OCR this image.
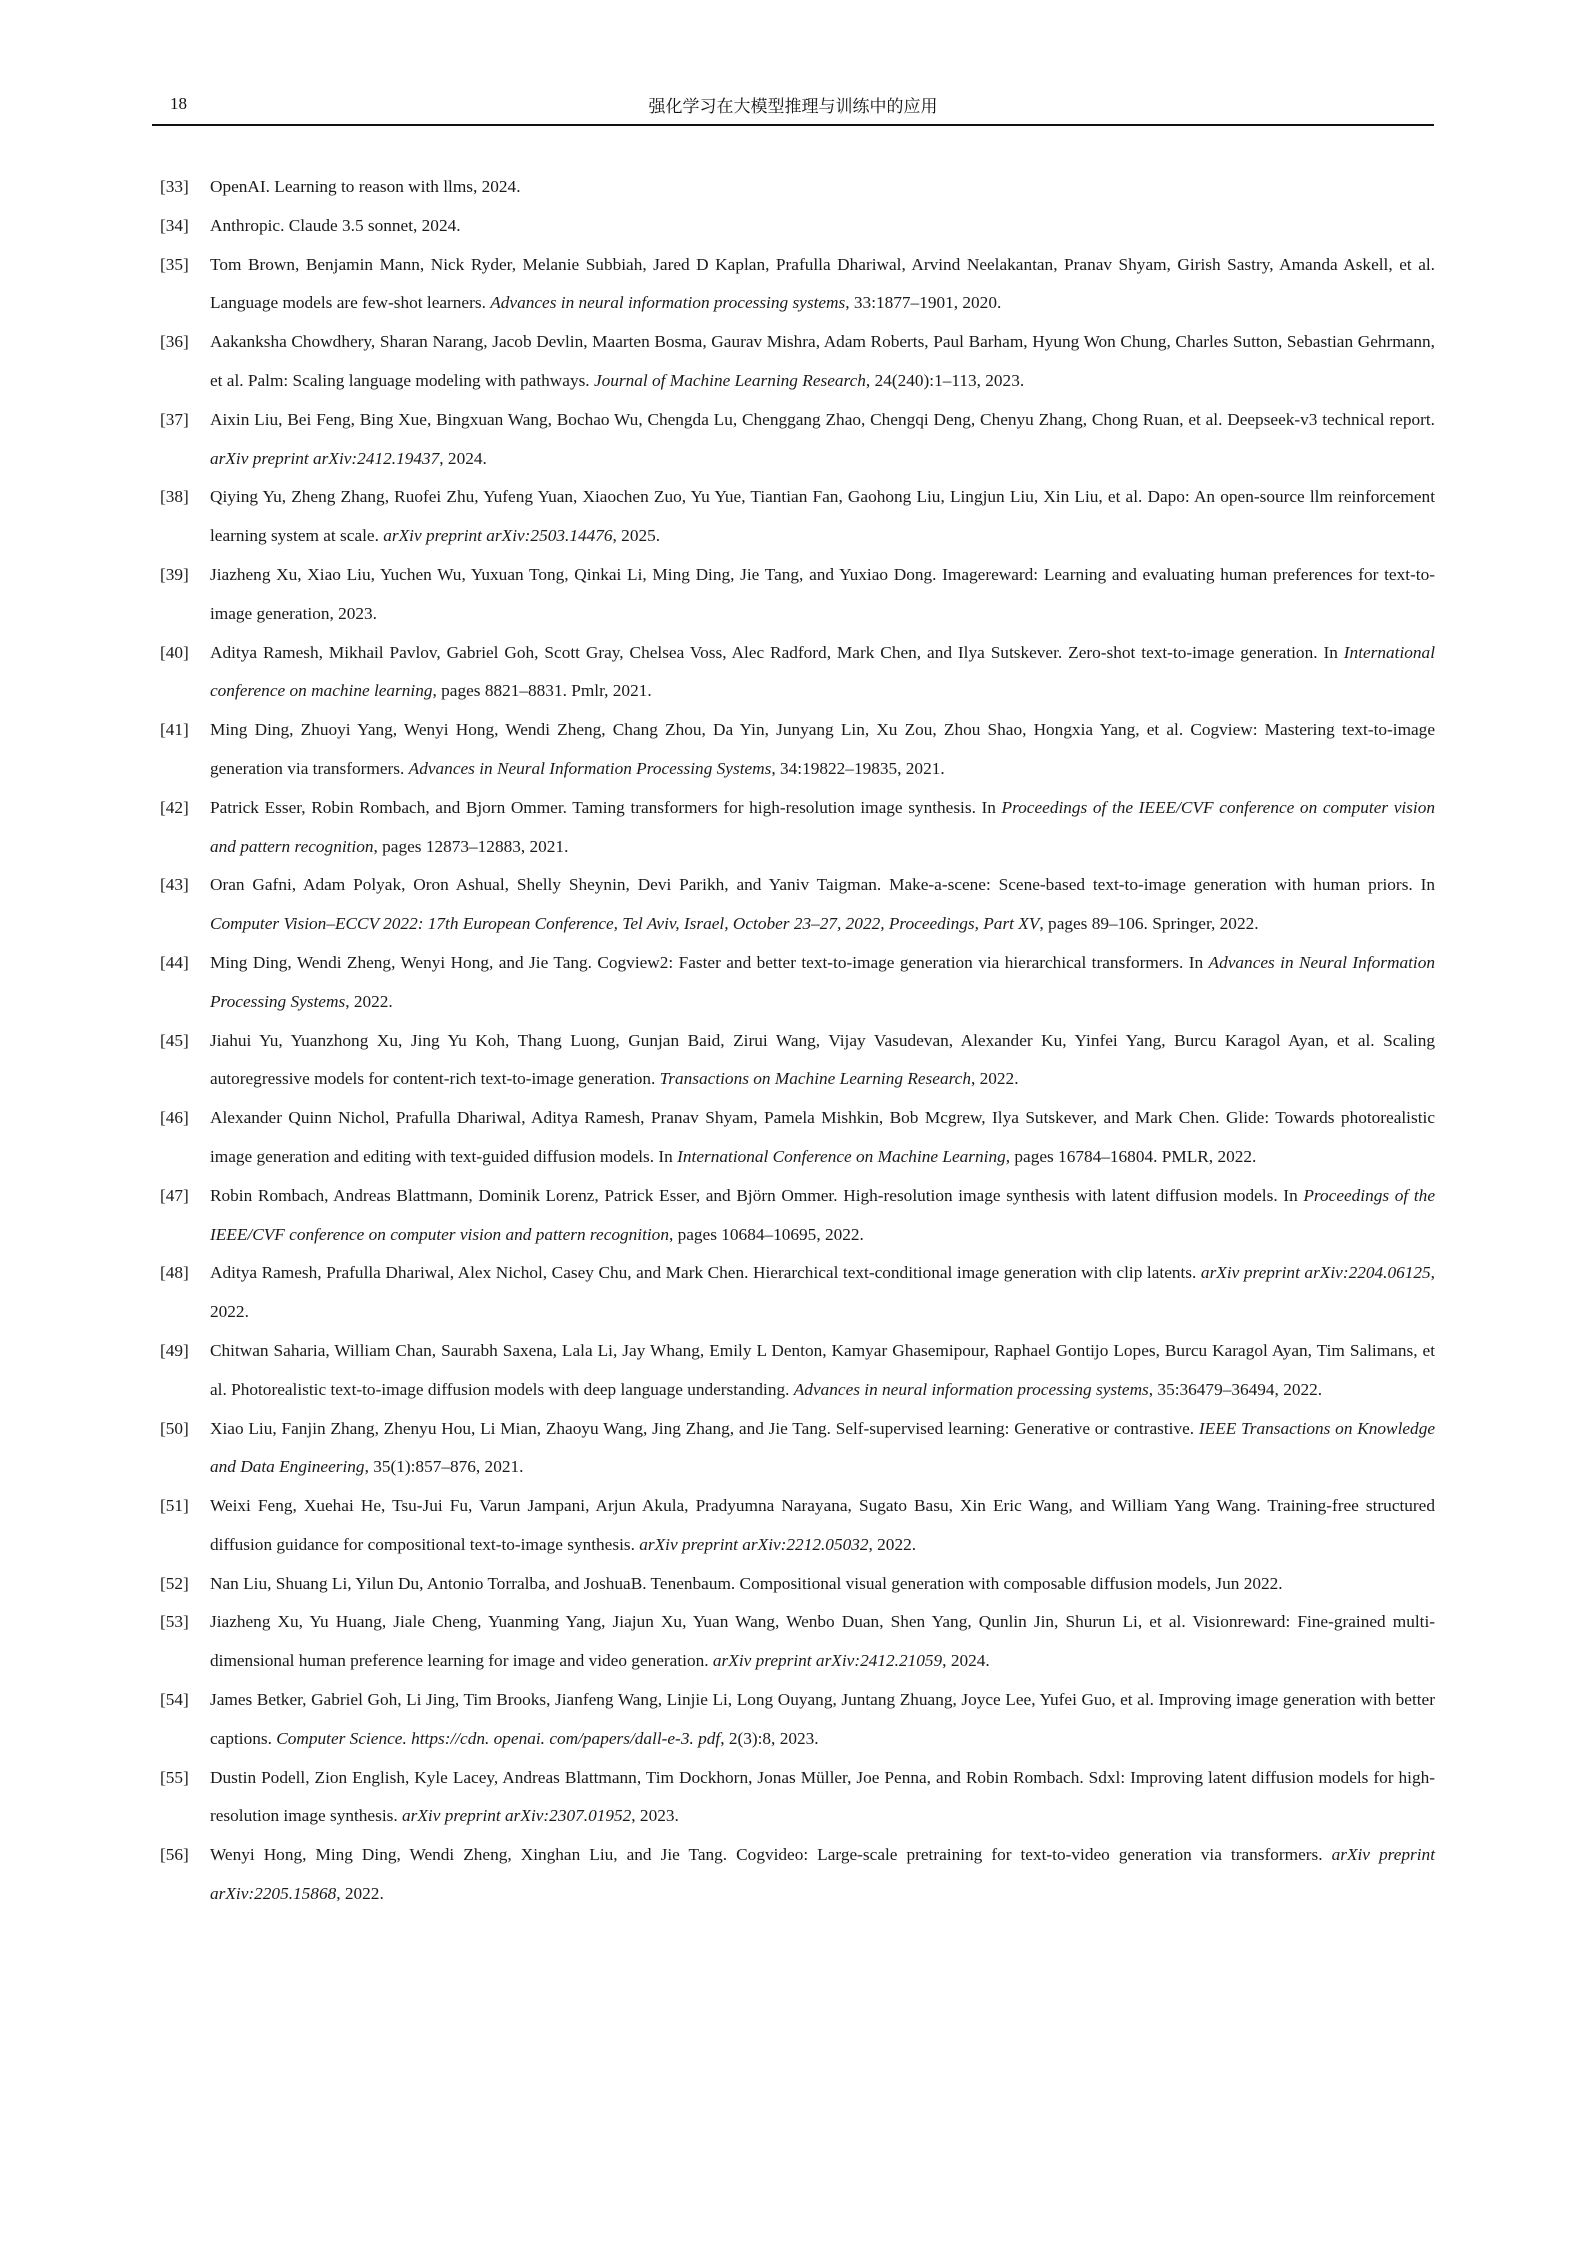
18	强化学习在大模型推理与训练中的应用
[33] OpenAI. Learning to reason with llms, 2024.
[34] Anthropic. Claude 3.5 sonnet, 2024.
[35] Tom Brown, Benjamin Mann, Nick Ryder, Melanie Subbiah, Jared D Kaplan, Prafulla Dhariwal, Arvind Neelakantan, Pranav Shyam, Girish Sastry, Amanda Askell, et al. Language models are few-shot learners. Advances in neural information processing systems, 33:1877–1901, 2020.
[36] Aakanksha Chowdhery, Sharan Narang, Jacob Devlin, Maarten Bosma, Gaurav Mishra, Adam Roberts, Paul Barham, Hyung Won Chung, Charles Sutton, Sebastian Gehrmann, et al. Palm: Scaling language modeling with pathways. Journal of Machine Learning Research, 24(240):1–113, 2023.
[37] Aixin Liu, Bei Feng, Bing Xue, Bingxuan Wang, Bochao Wu, Chengda Lu, Chenggang Zhao, Chengqi Deng, Chenyu Zhang, Chong Ruan, et al. Deepseek-v3 technical report. arXiv preprint arXiv:2412.19437, 2024.
[38] Qiying Yu, Zheng Zhang, Ruofei Zhu, Yufeng Yuan, Xiaochen Zuo, Yu Yue, Tiantian Fan, Gaohong Liu, Lingjun Liu, Xin Liu, et al. Dapo: An open-source llm reinforcement learning system at scale. arXiv preprint arXiv:2503.14476, 2025.
[39] Jiazheng Xu, Xiao Liu, Yuchen Wu, Yuxuan Tong, Qinkai Li, Ming Ding, Jie Tang, and Yuxiao Dong. Imagereward: Learning and evaluating human preferences for text-to-image generation, 2023.
[40] Aditya Ramesh, Mikhail Pavlov, Gabriel Goh, Scott Gray, Chelsea Voss, Alec Radford, Mark Chen, and Ilya Sutskever. Zero-shot text-to-image generation. In International conference on machine learning, pages 8821–8831. Pmlr, 2021.
[41] Ming Ding, Zhuoyi Yang, Wenyi Hong, Wendi Zheng, Chang Zhou, Da Yin, Junyang Lin, Xu Zou, Zhou Shao, Hongxia Yang, et al. Cogview: Mastering text-to-image generation via transformers. Advances in Neural Information Processing Systems, 34:19822–19835, 2021.
[42] Patrick Esser, Robin Rombach, and Bjorn Ommer. Taming transformers for high-resolution image synthesis. In Proceedings of the IEEE/CVF conference on computer vision and pattern recognition, pages 12873–12883, 2021.
[43] Oran Gafni, Adam Polyak, Oron Ashual, Shelly Sheynin, Devi Parikh, and Yaniv Taigman. Make-a-scene: Scene-based text-to-image generation with human priors. In Computer Vision–ECCV 2022: 17th European Conference, Tel Aviv, Israel, October 23–27, 2022, Proceedings, Part XV, pages 89–106. Springer, 2022.
[44] Ming Ding, Wendi Zheng, Wenyi Hong, and Jie Tang. Cogview2: Faster and better text-to-image generation via hierarchical transformers. In Advances in Neural Information Processing Systems, 2022.
[45] Jiahui Yu, Yuanzhong Xu, Jing Yu Koh, Thang Luong, Gunjan Baid, Zirui Wang, Vijay Vasudevan, Alexander Ku, Yinfei Yang, Burcu Karagol Ayan, et al. Scaling autoregressive models for content-rich text-to-image generation. Transactions on Machine Learning Research, 2022.
[46] Alexander Quinn Nichol, Prafulla Dhariwal, Aditya Ramesh, Pranav Shyam, Pamela Mishkin, Bob Mcgrew, Ilya Sutskever, and Mark Chen. Glide: Towards photorealistic image generation and editing with text-guided diffusion models. In International Conference on Machine Learning, pages 16784–16804. PMLR, 2022.
[47] Robin Rombach, Andreas Blattmann, Dominik Lorenz, Patrick Esser, and Björn Ommer. High-resolution image synthesis with latent diffusion models. In Proceedings of the IEEE/CVF conference on computer vision and pattern recognition, pages 10684–10695, 2022.
[48] Aditya Ramesh, Prafulla Dhariwal, Alex Nichol, Casey Chu, and Mark Chen. Hierarchical text-conditional image generation with clip latents. arXiv preprint arXiv:2204.06125, 2022.
[49] Chitwan Saharia, William Chan, Saurabh Saxena, Lala Li, Jay Whang, Emily L Denton, Kamyar Ghasemipour, Raphael Gontijo Lopes, Burcu Karagol Ayan, Tim Salimans, et al. Photorealistic text-to-image diffusion models with deep language understanding. Advances in neural information processing systems, 35:36479–36494, 2022.
[50] Xiao Liu, Fanjin Zhang, Zhenyu Hou, Li Mian, Zhaoyu Wang, Jing Zhang, and Jie Tang. Self-supervised learning: Generative or contrastive. IEEE Transactions on Knowledge and Data Engineering, 35(1):857–876, 2021.
[51] Weixi Feng, Xuehai He, Tsu-Jui Fu, Varun Jampani, Arjun Akula, Pradyumna Narayana, Sugato Basu, Xin Eric Wang, and William Yang Wang. Training-free structured diffusion guidance for compositional text-to-image synthesis. arXiv preprint arXiv:2212.05032, 2022.
[52] Nan Liu, Shuang Li, Yilun Du, Antonio Torralba, and JoshuaB. Tenenbaum. Compositional visual generation with composable diffusion models, Jun 2022.
[53] Jiazheng Xu, Yu Huang, Jiale Cheng, Yuanming Yang, Jiajun Xu, Yuan Wang, Wenbo Duan, Shen Yang, Qunlin Jin, Shurun Li, et al. Visionreward: Fine-grained multi-dimensional human preference learning for image and video generation. arXiv preprint arXiv:2412.21059, 2024.
[54] James Betker, Gabriel Goh, Li Jing, Tim Brooks, Jianfeng Wang, Linjie Li, Long Ouyang, Juntang Zhuang, Joyce Lee, Yufei Guo, et al. Improving image generation with better captions. Computer Science. https://cdn. openai. com/papers/dall-e-3. pdf, 2(3):8, 2023.
[55] Dustin Podell, Zion English, Kyle Lacey, Andreas Blattmann, Tim Dockhorn, Jonas Müller, Joe Penna, and Robin Rombach. Sdxl: Improving latent diffusion models for high-resolution image synthesis. arXiv preprint arXiv:2307.01952, 2023.
[56] Wenyi Hong, Ming Ding, Wendi Zheng, Xinghan Liu, and Jie Tang. Cogvideo: Large-scale pretraining for text-to-video generation via transformers. arXiv preprint arXiv:2205.15868, 2022.
